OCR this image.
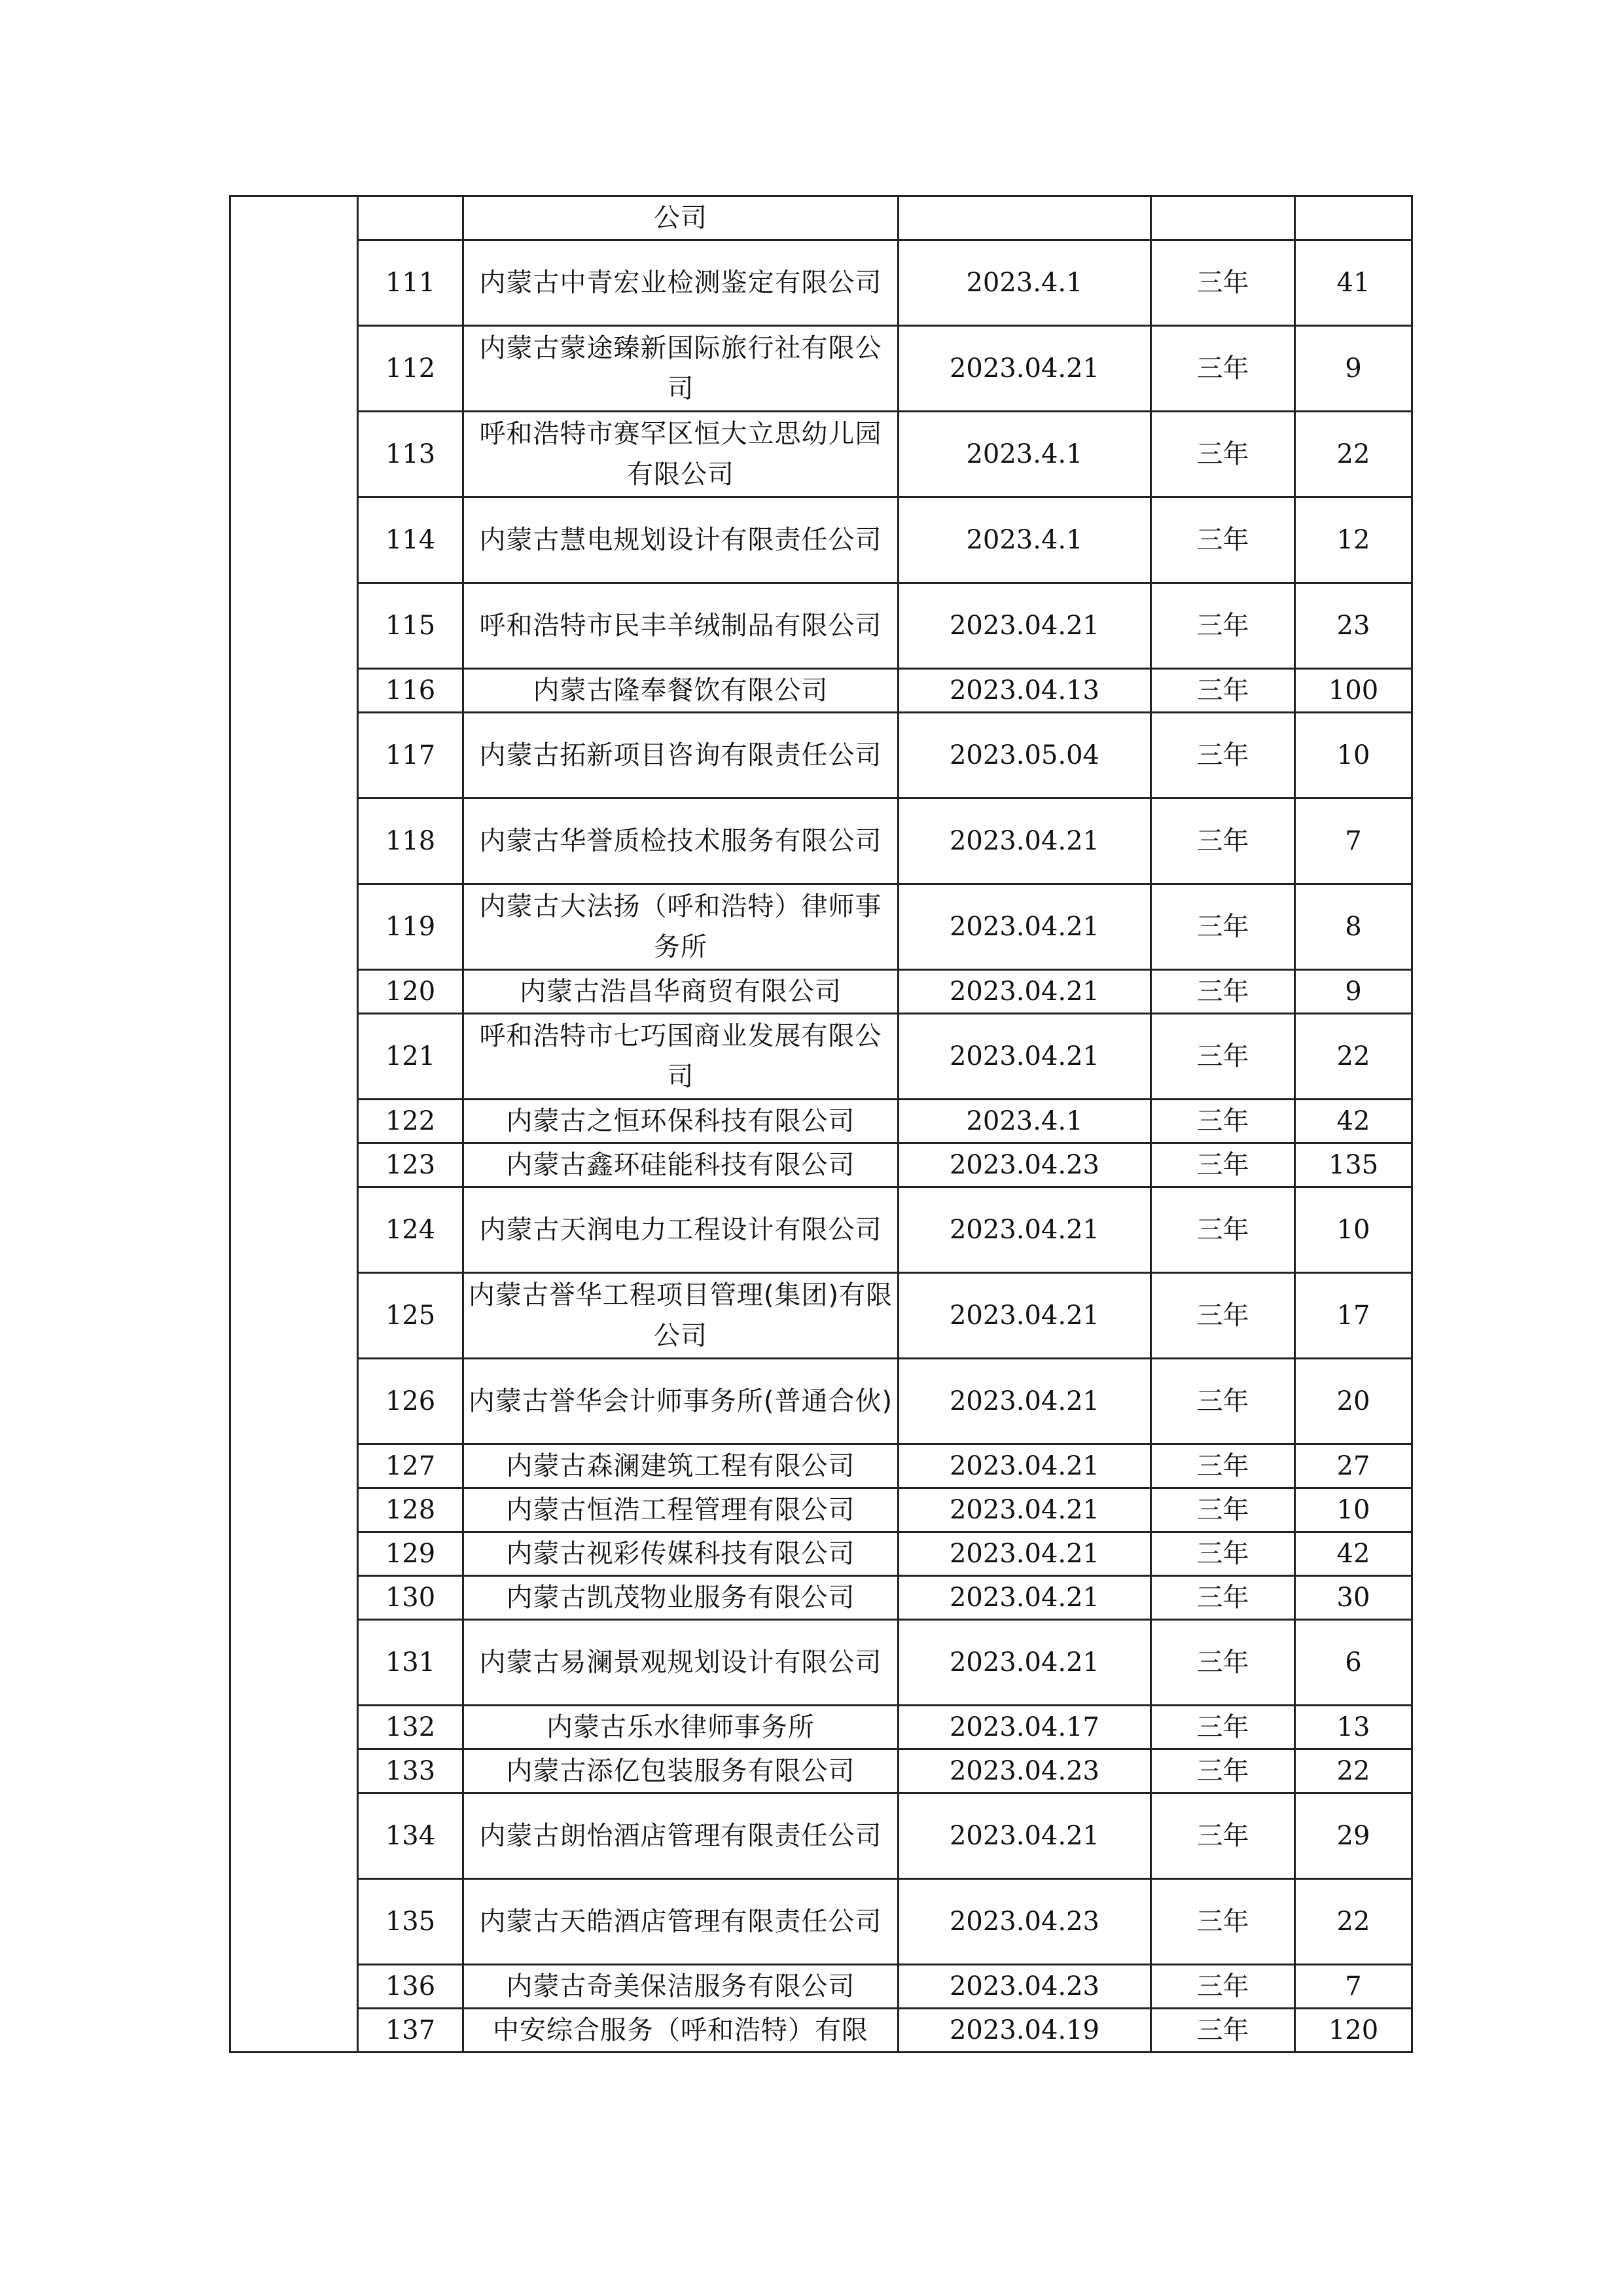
		公司			
	111	内蒙古中青宏业检测鉴定有限公司	2023.4.1	三年	41
	112	内蒙古蒙途臻新国际旅行社有限公司	2023.04.21	三年	9
	113	呼和浩特市赛罕区恒大立思幼儿园有限公司	2023.4.1	三年	22
	114	内蒙古慧电规划设计有限责任公司	2023.4.1	三年	12
	115	呼和浩特市民丰羊绒制品有限公司	2023.04.21	三年	23
	116	内蒙古隆奉餐饮有限公司	2023.04.13	三年	100
	117	内蒙古拓新项目咨询有限责任公司	2023.05.04	三年	10
	118	内蒙古华誉质检技术服务有限公司	2023.04.21	三年	7
	119	内蒙古大法扬（呼和浩特）律师事务所	2023.04.21	三年	8
	120	内蒙古浩昌华商贸有限公司	2023.04.21	三年	9
	121	呼和浩特市七巧国商业发展有限公司	2023.04.21	三年	22
	122	内蒙古之恒环保科技有限公司	2023.4.1	三年	42
	123	内蒙古鑫环硅能科技有限公司	2023.04.23	三年	135
	124	内蒙古天润电力工程设计有限公司	2023.04.21	三年	10
	125	内蒙古誉华工程项目管理(集团)有限公司	2023.04.21	三年	17
	126	内蒙古誉华会计师事务所(普通合伙)	2023.04.21	三年	20
	127	内蒙古森澜建筑工程有限公司	2023.04.21	三年	27
	128	内蒙古恒浩工程管理有限公司	2023.04.21	三年	10
	129	内蒙古视彩传媒科技有限公司	2023.04.21	三年	42
	130	内蒙古凯茂物业服务有限公司	2023.04.21	三年	30
	131	内蒙古易澜景观规划设计有限公司	2023.04.21	三年	6
	132	内蒙古乐水律师事务所	2023.04.17	三年	13
	133	内蒙古添亿包装服务有限公司	2023.04.23	三年	22
	134	内蒙古朗怡酒店管理有限责任公司	2023.04.21	三年	29
	135	内蒙古天皓酒店管理有限责任公司	2023.04.23	三年	22
	136	内蒙古奇美保洁服务有限公司	2023.04.23	三年	7
	137	中安综合服务（呼和浩特）有限	2023.04.19	三年	120
